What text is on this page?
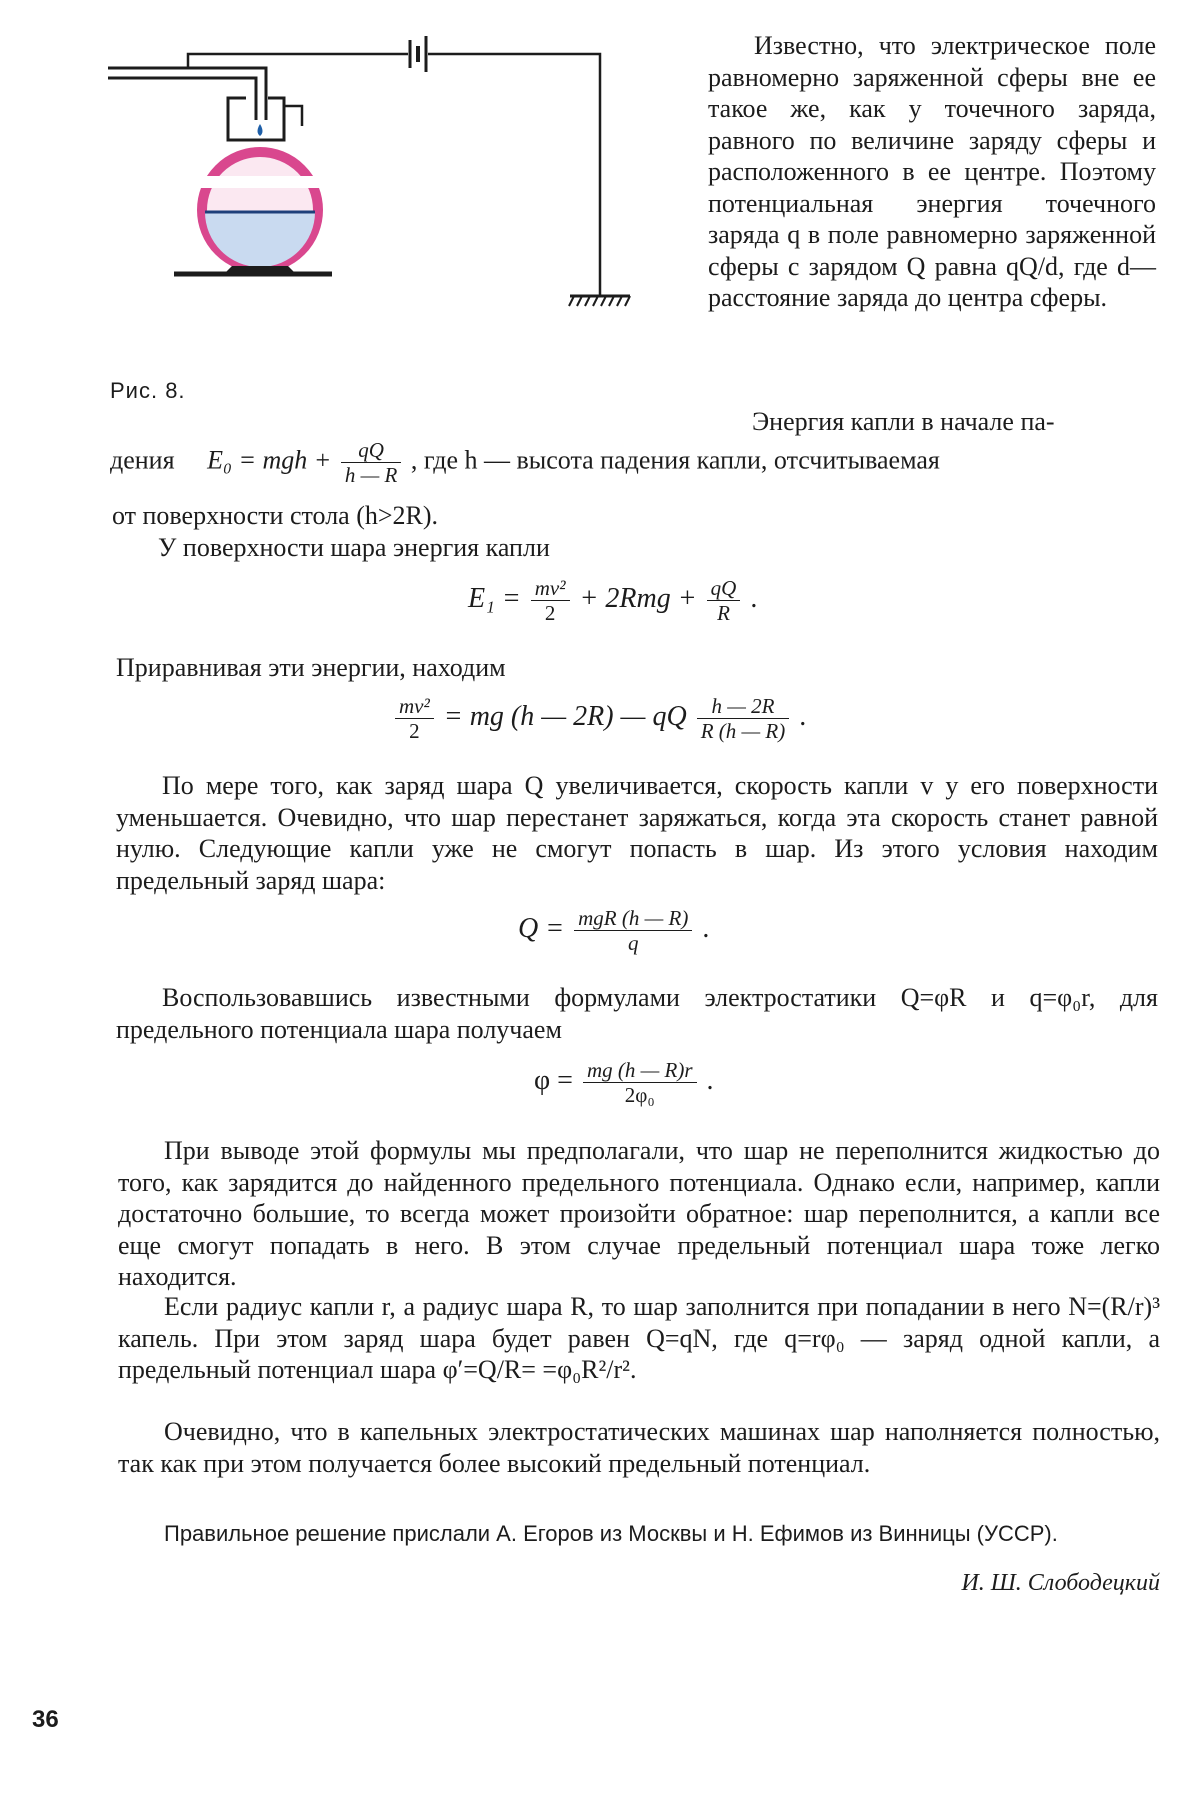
Рис. 8.

Известно, что электрическое поле равномерно заряженной сферы вне ее такое же, как у точечного заряда, равного по величине заряду сферы и расположенного в ее центре. Поэтому потенциальная энергия точечного заряда q в поле равномерно заряженной сферы с зарядом Q равна qQ/d, где d— расстояние заряда до центра сферы.

Энергия капли в начале па-

дения E₀ = mgh + $\frac{qQ}{h — R}$ , где h — высота падения капли, отсчитываемая
от поверхности стола (h>2R).
У поверхности шара энергия капли
$E_1 = \frac{\text{mv²}}{2} + 2Rmg + \frac{qQ}{R}$ .
Приравнивая эти энергии, находим
$\frac{\text{mv²}}{2}$ = mg (h — 2R) — qQ $\frac{h — 2R}{R (h — R)}$ .

По мере того, как заряд шара Q увеличивается, скорость капли v у его поверхности уменьшается. Очевидно, что шар перестанет заряжаться, когда эта скорость станет равной нулю. Следующие капли уже не смогут попасть в шар. Из этого условия находим предельный заряд шара:

$Q = \frac{\text{mgR (h — R)}}{q}$ .

Воспользовавшись известными формулами электростатики Q=φR и q=φ₀r, для предельного потенциала шара получаем

$\varphi = \frac{mg (h — R)r}{\text{2φ₀}}$ .

При выводе этой формулы мы предполагали, что шар не переполнится жидкостью до того, как зарядится до найденного предельного потенциала. Однако если, например, капли достаточно большие, то всегда может произойти обратное: шар переполнится, а капли все еще смогут попадать в него. В этом случае предельный потенциал шара тоже легко находится.

Если радиус капли r, а радиус шара R, то шар заполнится при попадании в него N=(R/r)³ капель. При этом заряд шара будет равен Q=qN, где q=rφ₀ — заряд одной капли, а предельный потенциал шара φ′=Q/R= =φ₀R²/r².

Очевидно, что в капельных электростатических машинах шар наполняется полностью, так как при этом получается более высокий предельный потенциал.

Правильное решение прислали А. Егоров из Москвы и Н. Ефимов из Винницы (УССР).

И. Ш. Слободецкий
36
